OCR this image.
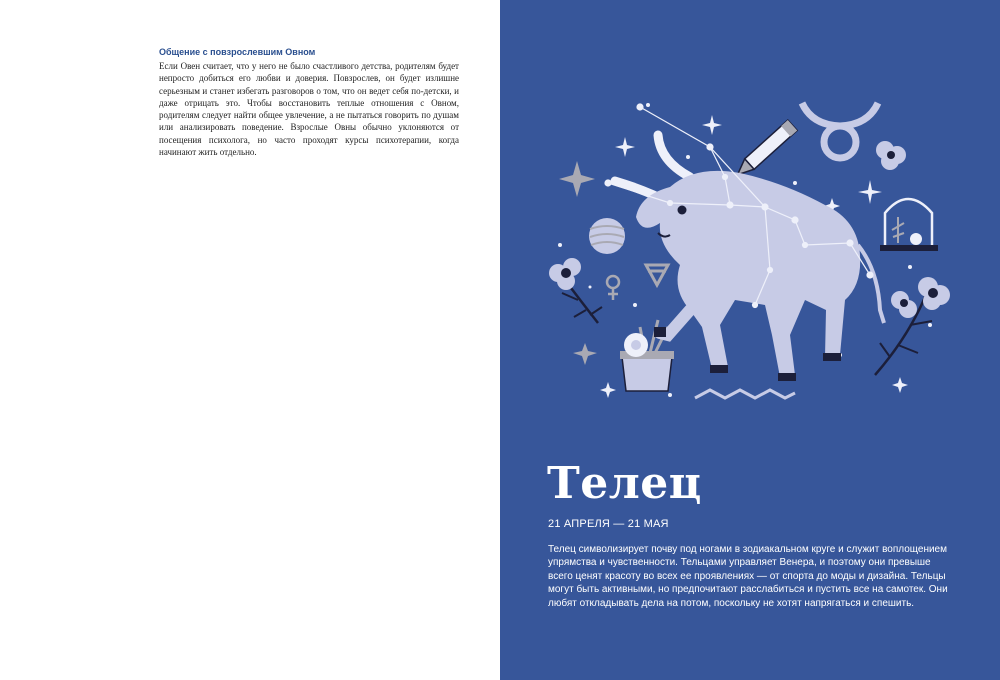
Общение с повзрослевшим Овном

Если Овен считает, что у него не было счастливого детства, родителям будет непросто добиться его любви и доверия. Повзрослев, он будет излишне серьезным и станет избегать разговоров о том, что он ведет себя по-детски, и даже отрицать это. Чтобы восстановить теплые отношения с Овном, родителям следует найти общее увлечение, а не пытаться говорить по душам или анализировать поведение. Взрослые Овны обычно уклоняются от посещения психолога, но часто проходят курсы психотерапии, когда начинают жить отдельно.

Телец

21 АПРЕЛЯ — 21 МАЯ

Телец символизирует почву под ногами в зодиакальном круге и служит воплощением упрямства и чувственности. Тельцами управляет Венера, и поэтому они превыше всего ценят красоту во всех ее проявлениях — от спорта до моды и дизайна. Тельцы могут быть активными, но предпочитают расслабиться и пустить все на самотек. Они любят откладывать дела на потом, поскольку не хотят напрягаться и спешить.
